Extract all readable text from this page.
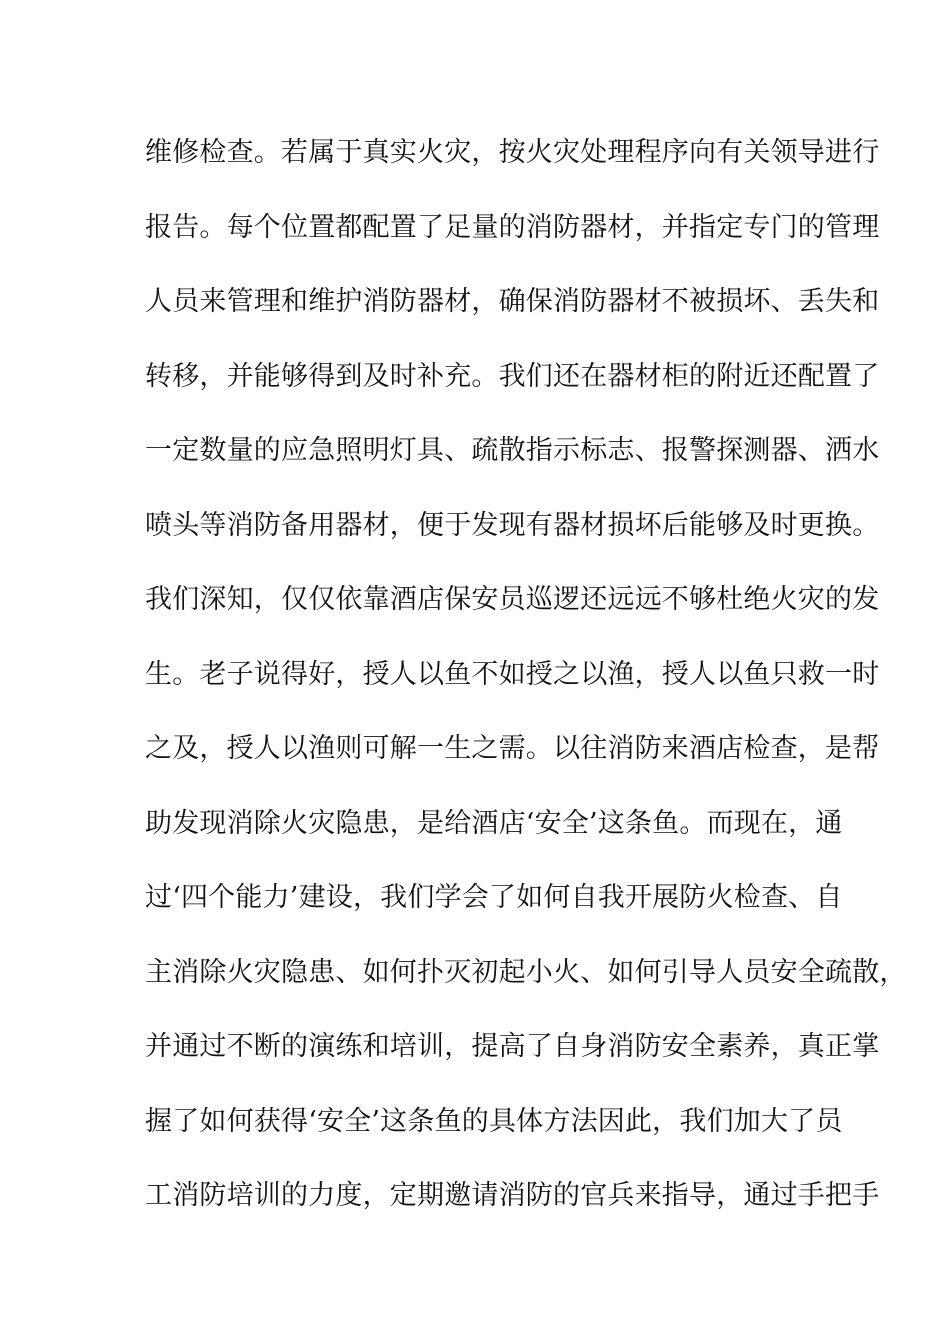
维修检查。若属于真实火灾，按火灾处理程序向有关领导进行
报告。每个位置都配置了足量的消防器材，并指定专门的管理
人员来管理和维护消防器材，确保消防器材不被损坏、丢失和
转移，并能够得到及时补充。我们还在器材柜的附近还配置了
一定数量的应急照明灯具、疏散指示标志、报警探测器、洒水
喷头等消防备用器材，便于发现有器材损坏后能够及时更换。
我们深知，仅仅依靠酒店保安员巡逻还远远不够杜绝火灾的发
生。老子说得好，授人以鱼不如授之以渔，授人以鱼只救一时
之及，授人以渔则可解一生之需。以往消防来酒店检查，是帮
助发现消除火灾隐患，是给酒店‘安全’这条鱼。而现在，通
过‘四个能力’建设，我们学会了如何自我开展防火检查、自
主消除火灾隐患、如何扑灭初起小火、如何引导人员安全疏散，
并通过不断的演练和培训，提高了自身消防安全素养，真正掌
握了如何获得‘安全’这条鱼的具体方法因此，我们加大了员
工消防培训的力度，定期邀请消防的官兵来指导，通过手把手
